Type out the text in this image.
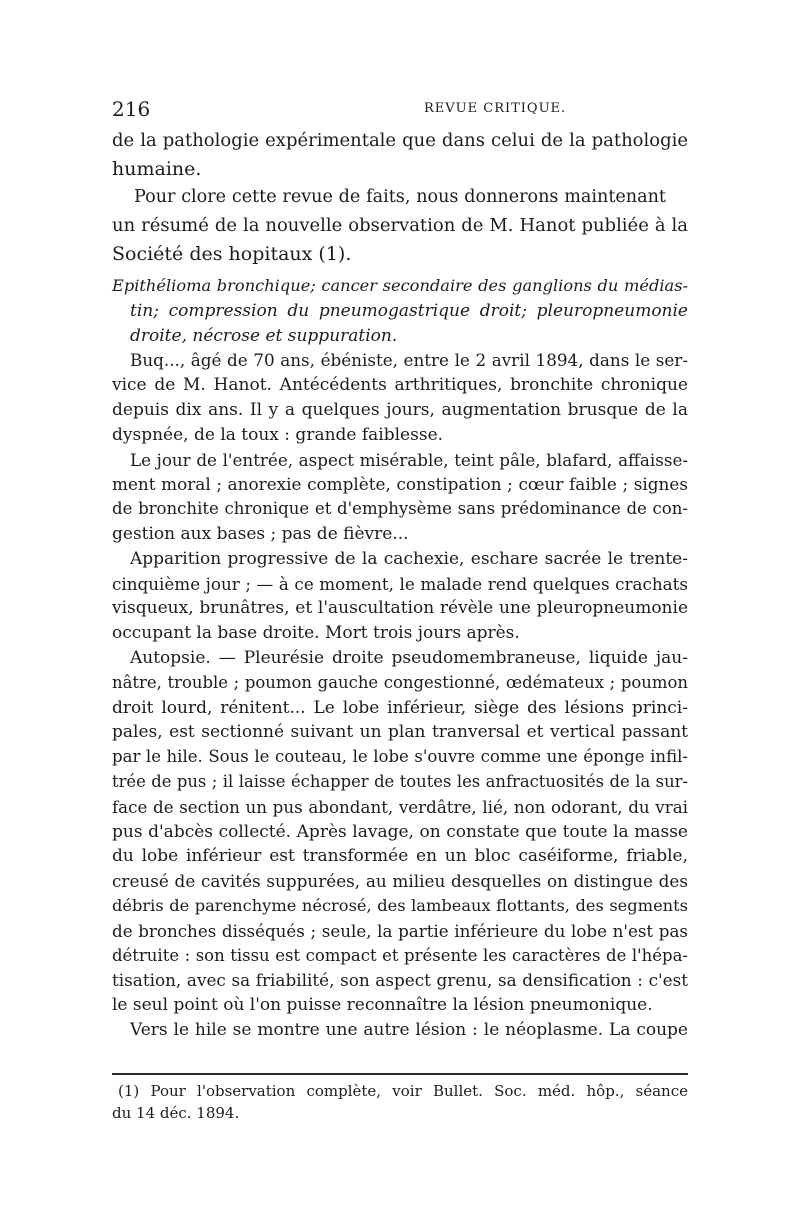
216	REVUE CRITIQUE.
de la pathologie expérimentale que dans celui de la pathologie
humaine.
Pour clore cette revue de faits, nous donnerons maintenant
un résumé de la nouvelle observation de M. Hanot publiée à la
Société des hopitaux (1).
Epithélioma bronchique; cancer secondaire des ganglions du médias-
tin; compression du pneumogastrique droit; pleuropneumonie
droite, nécrose et suppuration.
Buq..., âgé de 70 ans, ébéniste, entre le 2 avril 1894, dans le ser-
vice de M. Hanot. Antécédents arthritiques, bronchite chronique
depuis dix ans. Il y a quelques jours, augmentation brusque de la
dyspnée, de la toux : grande faiblesse.
Le jour de l'entrée, aspect misérable, teint pâle, blafard, affaisse-
ment moral ; anorexie complète, constipation ; cœur faible ; signes
de bronchite chronique et d'emphysème sans prédominance de con-
gestion aux bases ; pas de fièvre...
Apparition progressive de la cachexie, eschare sacrée le trente-
cinquième jour ; — à ce moment, le malade rend quelques crachats
visqueux, brunâtres, et l'auscultation révèle une pleuropneumonie
occupant la base droite. Mort trois jours après.
Autopsie. — Pleurésie droite pseudomembraneuse, liquide jau-
nâtre, trouble ; poumon gauche congestionné, œdémateux ; poumon
droit lourd, rénitent... Le lobe inférieur, siège des lésions princi-
pales, est sectionné suivant un plan tranversal et vertical passant
par le hile. Sous le couteau, le lobe s'ouvre comme une éponge infil-
trée de pus ; il laisse échapper de toutes les anfractuosités de la sur-
face de section un pus abondant, verdâtre, lié, non odorant, du vrai
pus d'abcès collecté. Après lavage, on constate que toute la masse
du lobe inférieur est transformée en un bloc caséiforme, friable,
creusé de cavités suppurées, au milieu desquelles on distingue des
débris de parenchyme nécrosé, des lambeaux flottants, des segments
de bronches disséqués ; seule, la partie inférieure du lobe n'est pas
détruite : son tissu est compact et présente les caractères de l'hépa-
tisation, avec sa friabilité, son aspect grenu, sa densification : c'est
le seul point où l'on puisse reconnaître la lésion pneumonique.
Vers le hile se montre une autre lésion : le néoplasme. La coupe
(1) Pour l'observation complète, voir Bullet. Soc. méd. hôp., séance
du 14 déc. 1894.
